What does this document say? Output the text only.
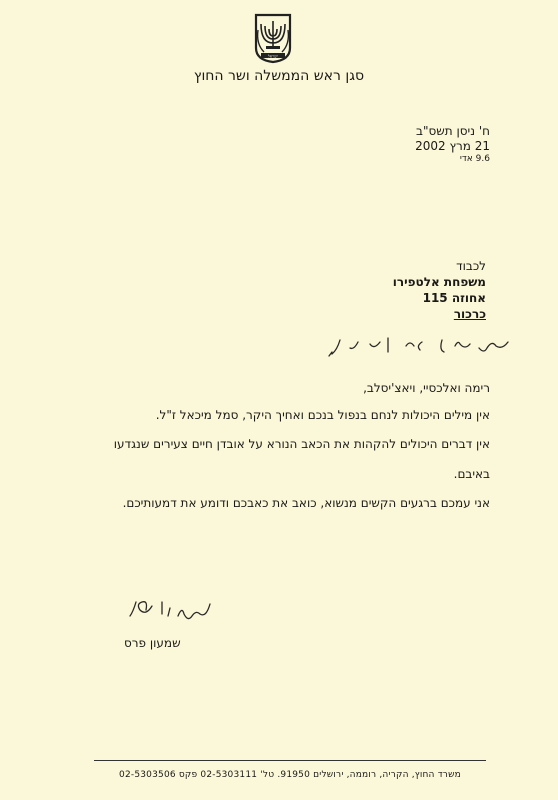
ישראל
סגן ראש הממשלה ושר החוץ
ח' ניסן תשס"ב
21 מרץ 2002
9.6 אדי
לכבוד
משפחת אלטפירו
אחוזה 115
כרכור

רימה ואלכסיי, ויאצ'יסלב,

אין מילים היכולות לנחם בנפול בנכם ואחיך היקר, סמל מיכאל ז"ל.

אין דברים היכולים להקהות את הכאב הנורא על אובדן חיים צעירים שנגדעו

באיבם.

אני עמכם ברגעים הקשים מנשוא, כואב את כאבכם ודומע את דמעותיכם.

שמעון פרס
משרד החוץ, הקריה, רוממה, ירושלים 91950. טל' 02-5303111 פקס 02-5303506
